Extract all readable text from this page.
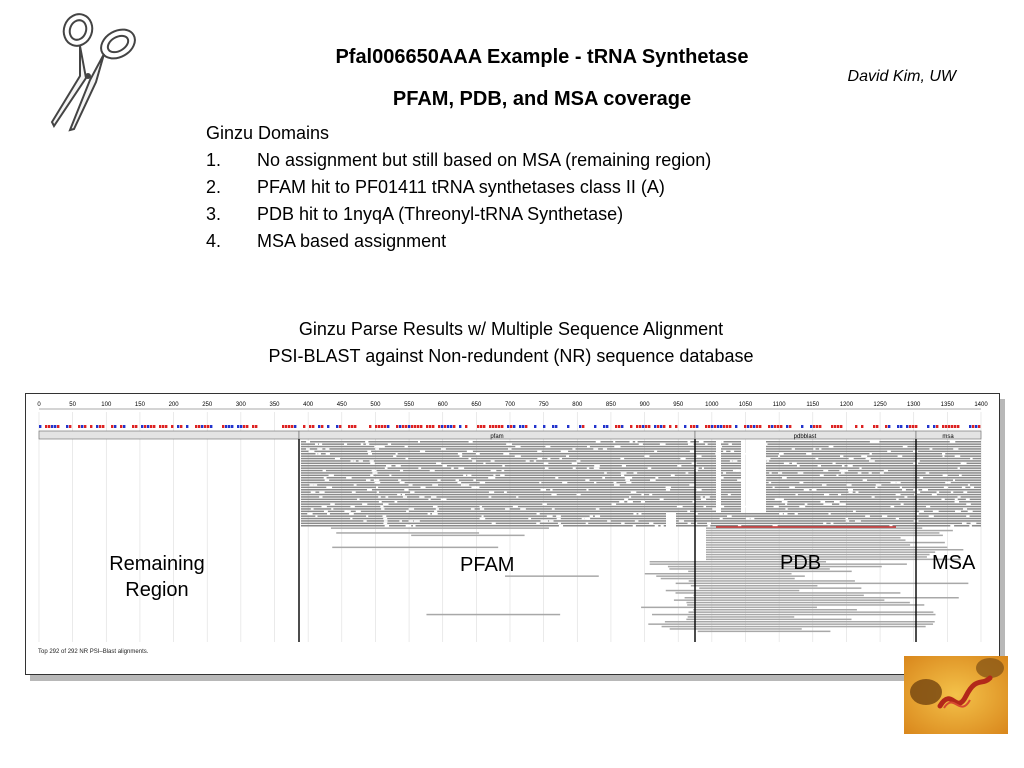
Pfal006650AAA Example - tRNA Synthetase
PFAM, PDB, and MSA coverage
David Kim, UW
Ginzu Domains
1. No assignment but still based on MSA (remaining region)
2. PFAM hit to PF01411 tRNA synthetases class II (A)
3. PDB hit to 1nyqA (Threonyl-tRNA Synthetase)
4. MSA based assignment
Ginzu Parse Results w/ Multiple Sequence Alignment
PSI-BLAST against Non-redundent (NR) sequence database
0	50	100	150	200	250	300	350	400	450	500	550	600	650	700	750	800	850	900	950	1000	1050	1100	1150	1200	1250	1300	1350	1400
pfam	pdbblast	msa
Remaining
Region
PFAM	PDB	MSA
Top 292 of 292 NR PSI–Blast alignments.
